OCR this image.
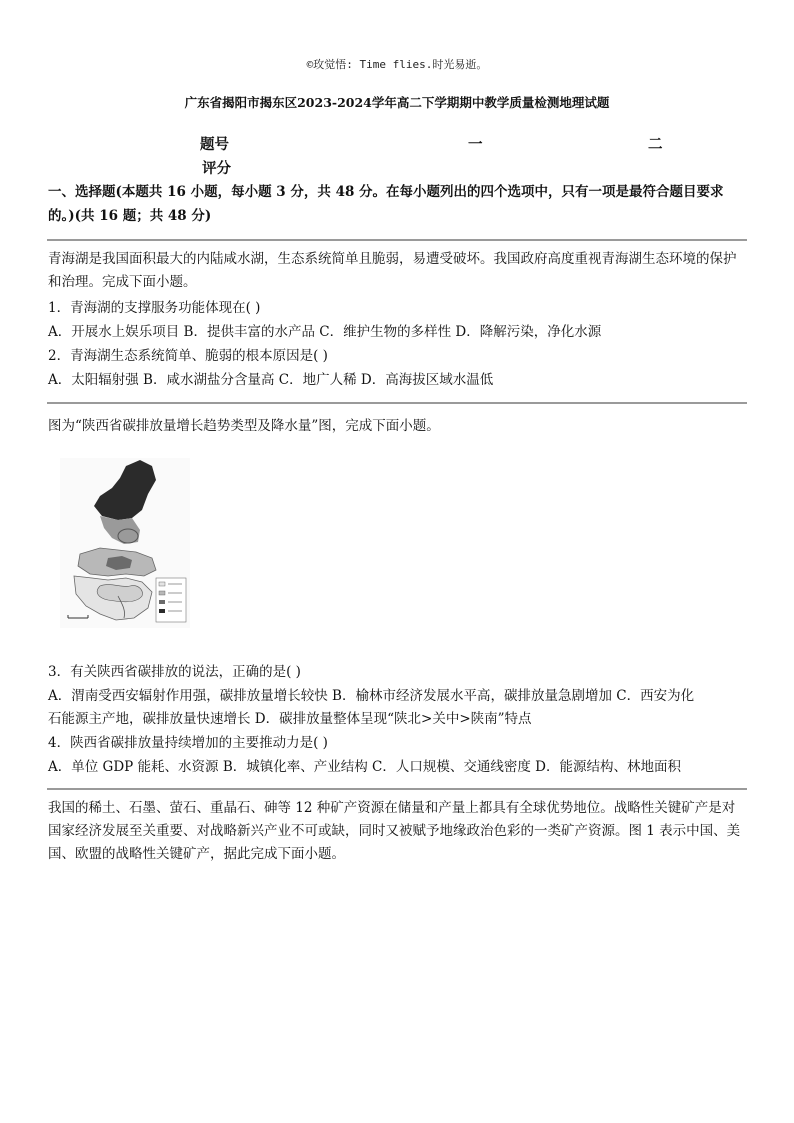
©玫觉悟: Time flies.时光易逝。
广东省揭阳市揭东区2023-2024学年高二下学期期中教学质量检测地理试题
题号	一	二
评分
一、选择题(本题共 16 小题，每小题 3 分，共 48 分。在每小题列出的四个选项中，只有一项是最符合题目要求的。)(共 16 题；共 48 分)
青海湖是我国面积最大的内陆咸水湖，生态系统简单且脆弱，易遭受破坏。我国政府高度重视青海湖生态环境的保护和治理。完成下面小题。
1．青海湖的支撑服务功能体现在( )
A．开展水上娱乐项目 B．提供丰富的水产品 C．维护生物的多样性 D．降解污染，净化水源
2．青海湖生态系统简单、脆弱的根本原因是( )
A．太阳辐射强 B．咸水湖盐分含量高 C．地广人稀 D．高海拔区域水温低
图为“陕西省碳排放量增长趋势类型及降水量”图，完成下面小题。
3．有关陕西省碳排放的说法，正确的是( )
A．渭南受西安辐射作用强，碳排放量增长较快 B．榆林市经济发展水平高，碳排放量急剧增加 C．西安为化
石能源主产地，碳排放量快速增长 D．碳排放量整体呈现“陕北>关中>陕南”特点
4．陕西省碳排放量持续增加的主要推动力是( )
A．单位 GDP 能耗、水资源 B．城镇化率、产业结构 C．人口规模、交通线密度 D．能源结构、林地面积
我国的稀土、石墨、萤石、重晶石、砷等 12 种矿产资源在储量和产量上都具有全球优势地位。战略性关键矿产是对国家经济发展至关重要、对战略新兴产业不可或缺，同时又被赋予地缘政治色彩的一类矿产资源。图 1 表示中国、美国、欧盟的战略性关键矿产，据此完成下面小题。
